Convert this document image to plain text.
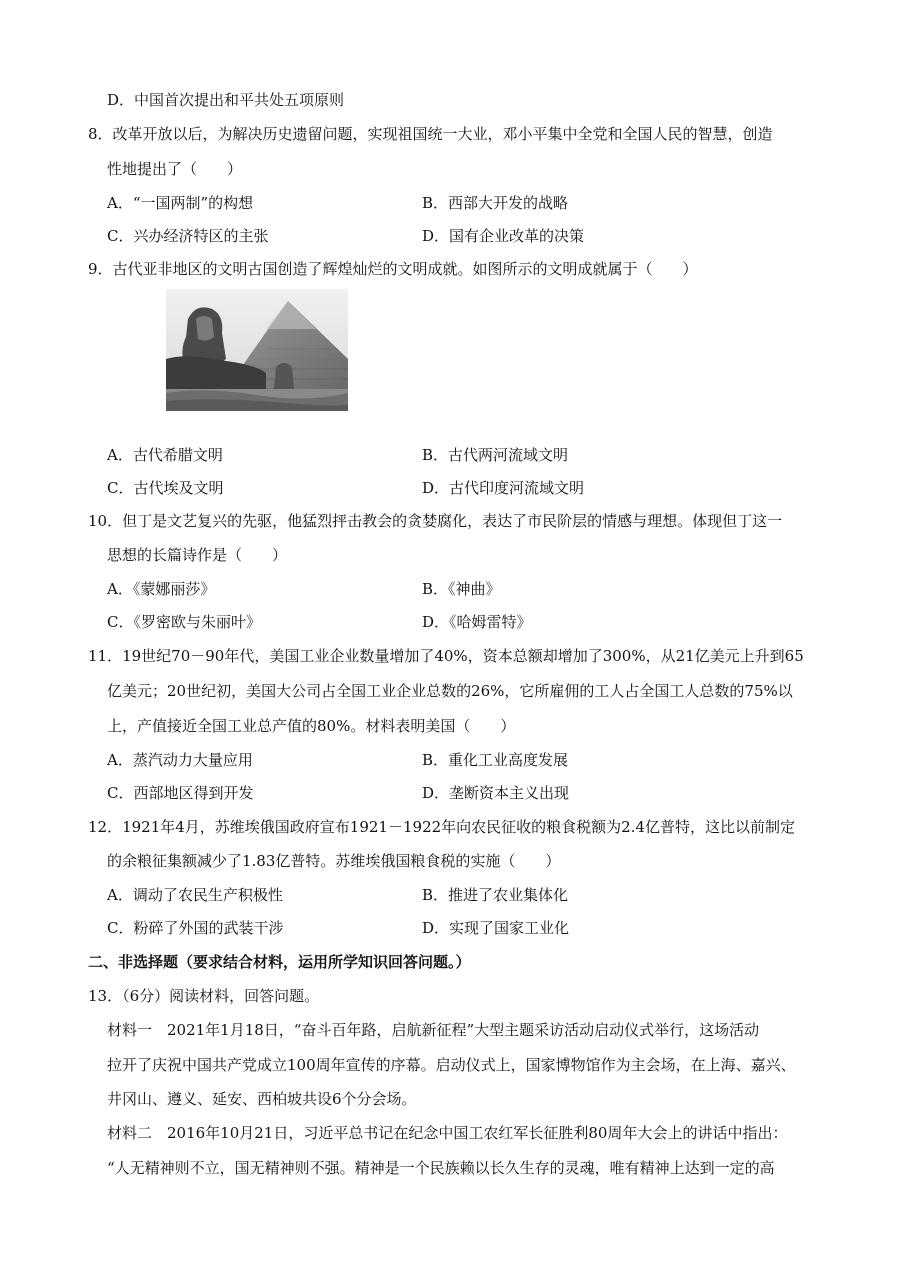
D．中国首次提出和平共处五项原则
8．改革开放以后，为解决历史遗留问题，实现祖国统一大业，邓小平集中全党和全国人民的智慧，创造
性地提出了（　　）
A．“一国两制”的构想	B．西部大开发的战略
C．兴办经济特区的主张	D．国有企业改革的决策
9．古代亚非地区的文明古国创造了辉煌灿烂的文明成就。如图所示的文明成就属于（　　）
A．古代希腊文明	B．古代两河流域文明
C．古代埃及文明	D．古代印度河流域文明
10．但丁是文艺复兴的先驱，他猛烈抨击教会的贪婪腐化，表达了市民阶层的情感与理想。体现但丁这一
思想的长篇诗作是（　　）
A．《蒙娜丽莎》	B．《神曲》
C．《罗密欧与朱丽叶》	D．《哈姆雷特》
11．19世纪70－90年代，美国工业企业数量增加了40%，资本总额却增加了300%，从21亿美元上升到65
亿美元；20世纪初，美国大公司占全国工业企业总数的26%，它所雇佣的工人占全国工人总数的75%以
上，产值接近全国工业总产值的80%。材料表明美国（　　）
A．蒸汽动力大量应用	B．重化工业高度发展
C．西部地区得到开发	D．垄断资本主义出现
12．1921年4月，苏维埃俄国政府宣布1921－1922年向农民征收的粮食税额为2.4亿普特，这比以前制定
的余粮征集额减少了1.83亿普特。苏维埃俄国粮食税的实施（　　）
A．调动了农民生产积极性	B．推进了农业集体化
C．粉碎了外国的武装干涉	D．实现了国家工业化
二、非选择题（要求结合材料，运用所学知识回答问题。）
13．（6分）阅读材料，回答问题。
材料一　2021年1月18日，“奋斗百年路，启航新征程”大型主题采访活动启动仪式举行，这场活动
拉开了庆祝中国共产党成立100周年宣传的序幕。启动仪式上，国家博物馆作为主会场，在上海、嘉兴、
井冈山、遵义、延安、西柏坡共设6个分会场。
材料二　2016年10月21日，习近平总书记在纪念中国工农红军长征胜利80周年大会上的讲话中指出：
“人无精神则不立，国无精神则不强。精神是一个民族赖以长久生存的灵魂，唯有精神上达到一定的高
